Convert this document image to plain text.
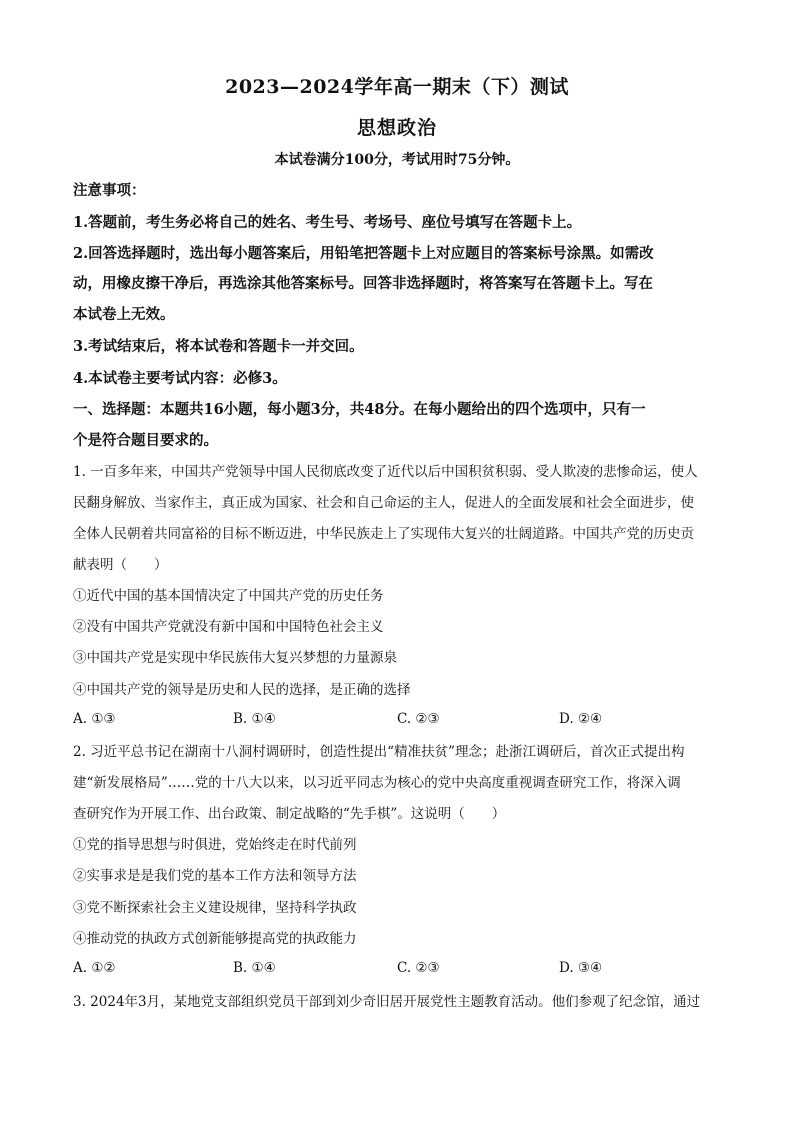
2023—2024学年高一期末（下）测试
思想政治
本试卷满分100分，考试用时75分钟。
注意事项：
1.答题前，考生务必将自己的姓名、考生号、考场号、座位号填写在答题卡上。
2.回答选择题时，选出每小题答案后，用铅笔把答题卡上对应题目的答案标号涂黑。如需改
动，用橡皮擦干净后，再选涂其他答案标号。回答非选择题时，将答案写在答题卡上。写在
本试卷上无效。
3.考试结束后，将本试卷和答题卡一并交回。
4.本试卷主要考试内容：必修3。
一、选择题：本题共16小题，每小题3分，共48分。在每小题给出的四个选项中，只有一
个是符合题目要求的。
1. 一百多年来，中国共产党领导中国人民彻底改变了近代以后中国积贫积弱、受人欺凌的悲惨命运，使人
民翻身解放、当家作主，真正成为国家、社会和自己命运的主人，促进人的全面发展和社会全面进步，使
全体人民朝着共同富裕的目标不断迈进，中华民族走上了实现伟大复兴的壮阔道路。中国共产党的历史贡
献表明（　　）
①近代中国的基本国情决定了中国共产党的历史任务
②没有中国共产党就没有新中国和中国特色社会主义
③中国共产党是实现中华民族伟大复兴梦想的力量源泉
④中国共产党的领导是历史和人民的选择，是正确的选择
A. ①③	B. ①④	C. ②③	D. ②④
2. 习近平总书记在湖南十八洞村调研时，创造性提出“精准扶贫”理念；赴浙江调研后，首次正式提出构
建“新发展格局”……党的十八大以来，以习近平同志为核心的党中央高度重视调查研究工作，将深入调
查研究作为开展工作、出台政策、制定战略的“先手棋”。这说明（　　）
①党的指导思想与时俱进，党始终走在时代前列
②实事求是是我们党的基本工作方法和领导方法
③党不断探索社会主义建设规律，坚持科学执政
④推动党的执政方式创新能够提高党的执政能力
A. ①②	B. ①④	C. ②③	D. ③④
3. 2024年3月，某地党支部组织党员干部到刘少奇旧居开展党性主题教育活动。他们参观了纪念馆，通过
